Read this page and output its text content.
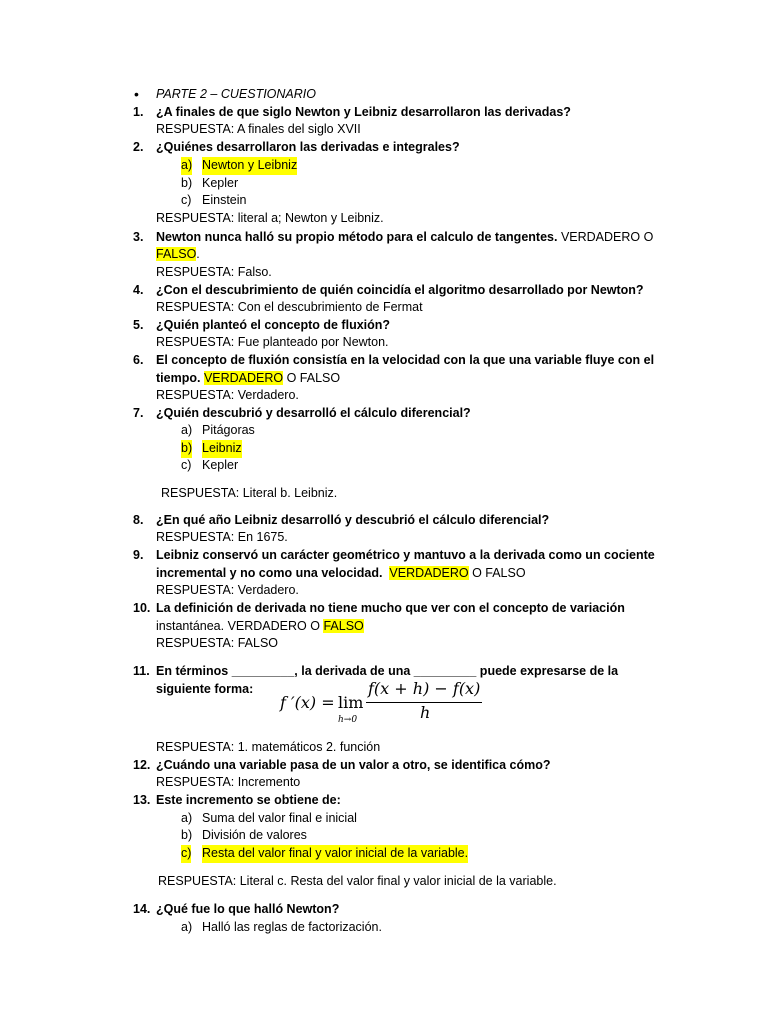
• PARTE 2 – CUESTIONARIO
1.	¿A finales de que siglo Newton y Leibniz desarrollaron las derivadas?
RESPUESTA: A finales del siglo XVII
2.	¿Quiénes desarrollaron las derivadas e integrales?
a) Newton y Leibniz
b) Kepler
c) Einstein
RESPUESTA: literal a; Newton y Leibniz.
3.	Newton nunca halló su propio método para el calculo de tangentes. VERDADERO O
FALSO.
RESPUESTA: Falso.
4.	¿Con el descubrimiento de quién coincidía el algoritmo desarrollado por Newton?
RESPUESTA: Con el descubrimiento de Fermat
5.	¿Quién planteó el concepto de fluxión?
RESPUESTA: Fue planteado por Newton.
6.	El concepto de fluxión consistía en la velocidad con la que una variable fluye con el
tiempo. VERDADERO O FALSO
RESPUESTA: Verdadero.
7.	¿Quién descubrió y desarrolló el cálculo diferencial?
a) Pitágoras
b) Leibniz
c) Kepler
RESPUESTA: Literal b. Leibniz.
8.	¿En qué año Leibniz desarrolló y descubrió el cálculo diferencial?
RESPUESTA: En 1675.
9.	Leibniz conservó un carácter geométrico y mantuvo a la derivada como un cociente
incremental y no como una velocidad. VERDADERO O FALSO
RESPUESTA: Verdadero.
10. La definición de derivada no tiene mucho que ver con el concepto de variación
instantánea. VERDADERO O FALSO
RESPUESTA: FALSO
11. En términos _________, la derivada de una _________ puede expresarse de la
siguiente forma:
f ′(x) = lim
h→0
f(x + h) − f(x)
h
RESPUESTA: 1. matemáticos 2. función
12. ¿Cuándo una variable pasa de un valor a otro, se identifica cómo?
RESPUESTA: Incremento
13. Este incremento se obtiene de:
a) Suma del valor final e inicial
b) División de valores
c) Resta del valor final y valor inicial de la variable.
RESPUESTA: Literal c. Resta del valor final y valor inicial de la variable.
14. ¿Qué fue lo que halló Newton?
a) Halló las reglas de factorización.
